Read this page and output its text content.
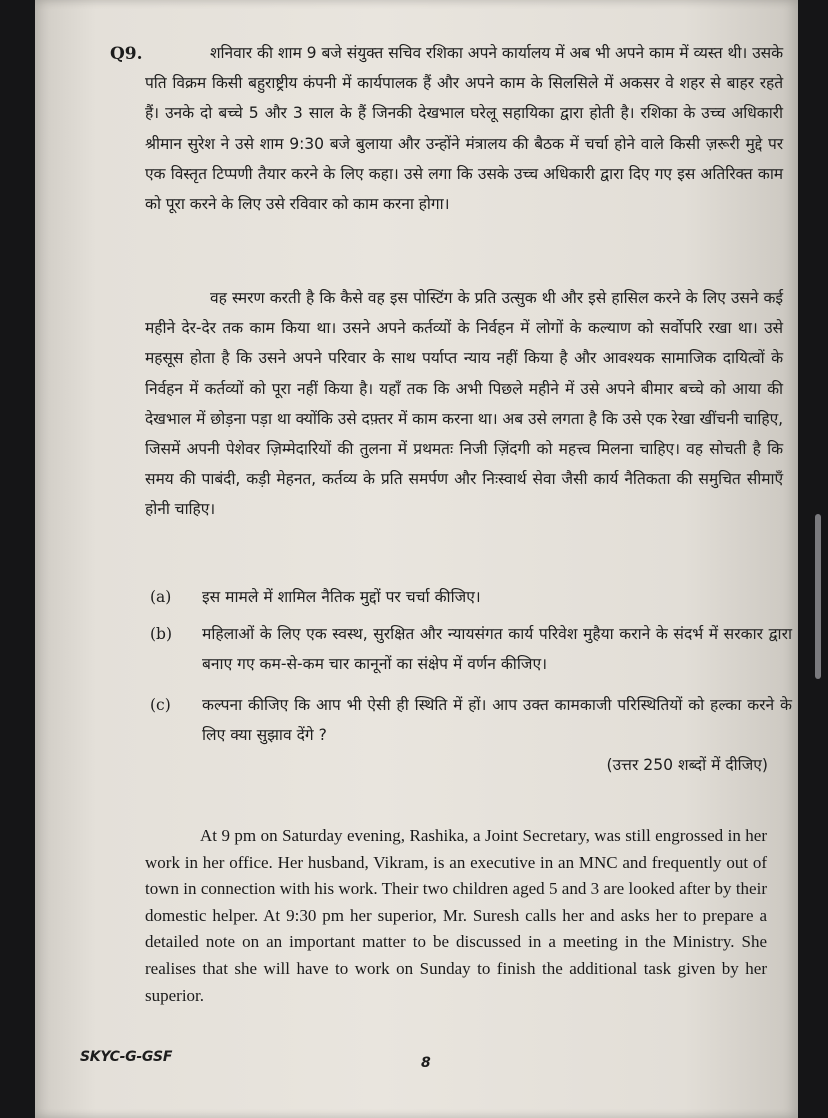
Q9.	शनिवार की शाम 9 बजे संयुक्त सचिव रशिका अपने कार्यालय में अब भी अपने काम में व्यस्त थी। उसके पति विक्रम किसी बहुराष्ट्रीय कंपनी में कार्यपालक हैं और अपने काम के सिलसिले में अकसर वे शहर से बाहर रहते हैं। उनके दो बच्चे 5 और 3 साल के हैं जिनकी देखभाल घरेलू सहायिका द्वारा होती है। रशिका के उच्च अधिकारी श्रीमान सुरेश ने उसे शाम 9:30 बजे बुलाया और उन्होंने मंत्रालय की बैठक में चर्चा होने वाले किसी ज़रूरी मुद्दे पर एक विस्तृत टिप्पणी तैयार करने के लिए कहा। उसे लगा कि उसके उच्च अधिकारी द्वारा दिए गए इस अतिरिक्त काम को पूरा करने के लिए उसे रविवार को काम करना होगा।
वह स्मरण करती है कि कैसे वह इस पोस्टिंग के प्रति उत्सुक थी और इसे हासिल करने के लिए उसने कई महीने देर-देर तक काम किया था। उसने अपने कर्तव्यों के निर्वहन में लोगों के कल्याण को सर्वोपरि रखा था। उसे महसूस होता है कि उसने अपने परिवार के साथ पर्याप्त न्याय नहीं किया है और आवश्यक सामाजिक दायित्वों के निर्वहन में कर्तव्यों को पूरा नहीं किया है। यहाँ तक कि अभी पिछले महीने में उसे अपने बीमार बच्चे को आया की देखभाल में छोड़ना पड़ा था क्योंकि उसे दफ़्तर में काम करना था। अब उसे लगता है कि उसे एक रेखा खींचनी चाहिए, जिसमें अपनी पेशेवर ज़िम्मेदारियों की तुलना में प्रथमतः निजी ज़िंदगी को महत्त्व मिलना चाहिए। वह सोचती है कि समय की पाबंदी, कड़ी मेहनत, कर्तव्य के प्रति समर्पण और निःस्वार्थ सेवा जैसी कार्य नैतिकता की समुचित सीमाएँ होनी चाहिए।
(a) इस मामले में शामिल नैतिक मुद्दों पर चर्चा कीजिए।
(b) महिलाओं के लिए एक स्वस्थ, सुरक्षित और न्यायसंगत कार्य परिवेश मुहैया कराने के संदर्भ में सरकार द्वारा बनाए गए कम-से-कम चार कानूनों का संक्षेप में वर्णन कीजिए।
(c) कल्पना कीजिए कि आप भी ऐसी ही स्थिति में हों। आप उक्त कामकाजी परिस्थितियों को हल्का करने के लिए क्या सुझाव देंगे ?
(उत्तर 250 शब्दों में दीजिए)
At 9 pm on Saturday evening, Rashika, a Joint Secretary, was still engrossed in her work in her office. Her husband, Vikram, is an executive in an MNC and frequently out of town in connection with his work. Their two children aged 5 and 3 are looked after by their domestic helper. At 9:30 pm her superior, Mr. Suresh calls her and asks her to prepare a detailed note on an important matter to be discussed in a meeting in the Ministry. She realises that she will have to work on Sunday to finish the additional task given by her superior.
SKYC-G-GSF	8
